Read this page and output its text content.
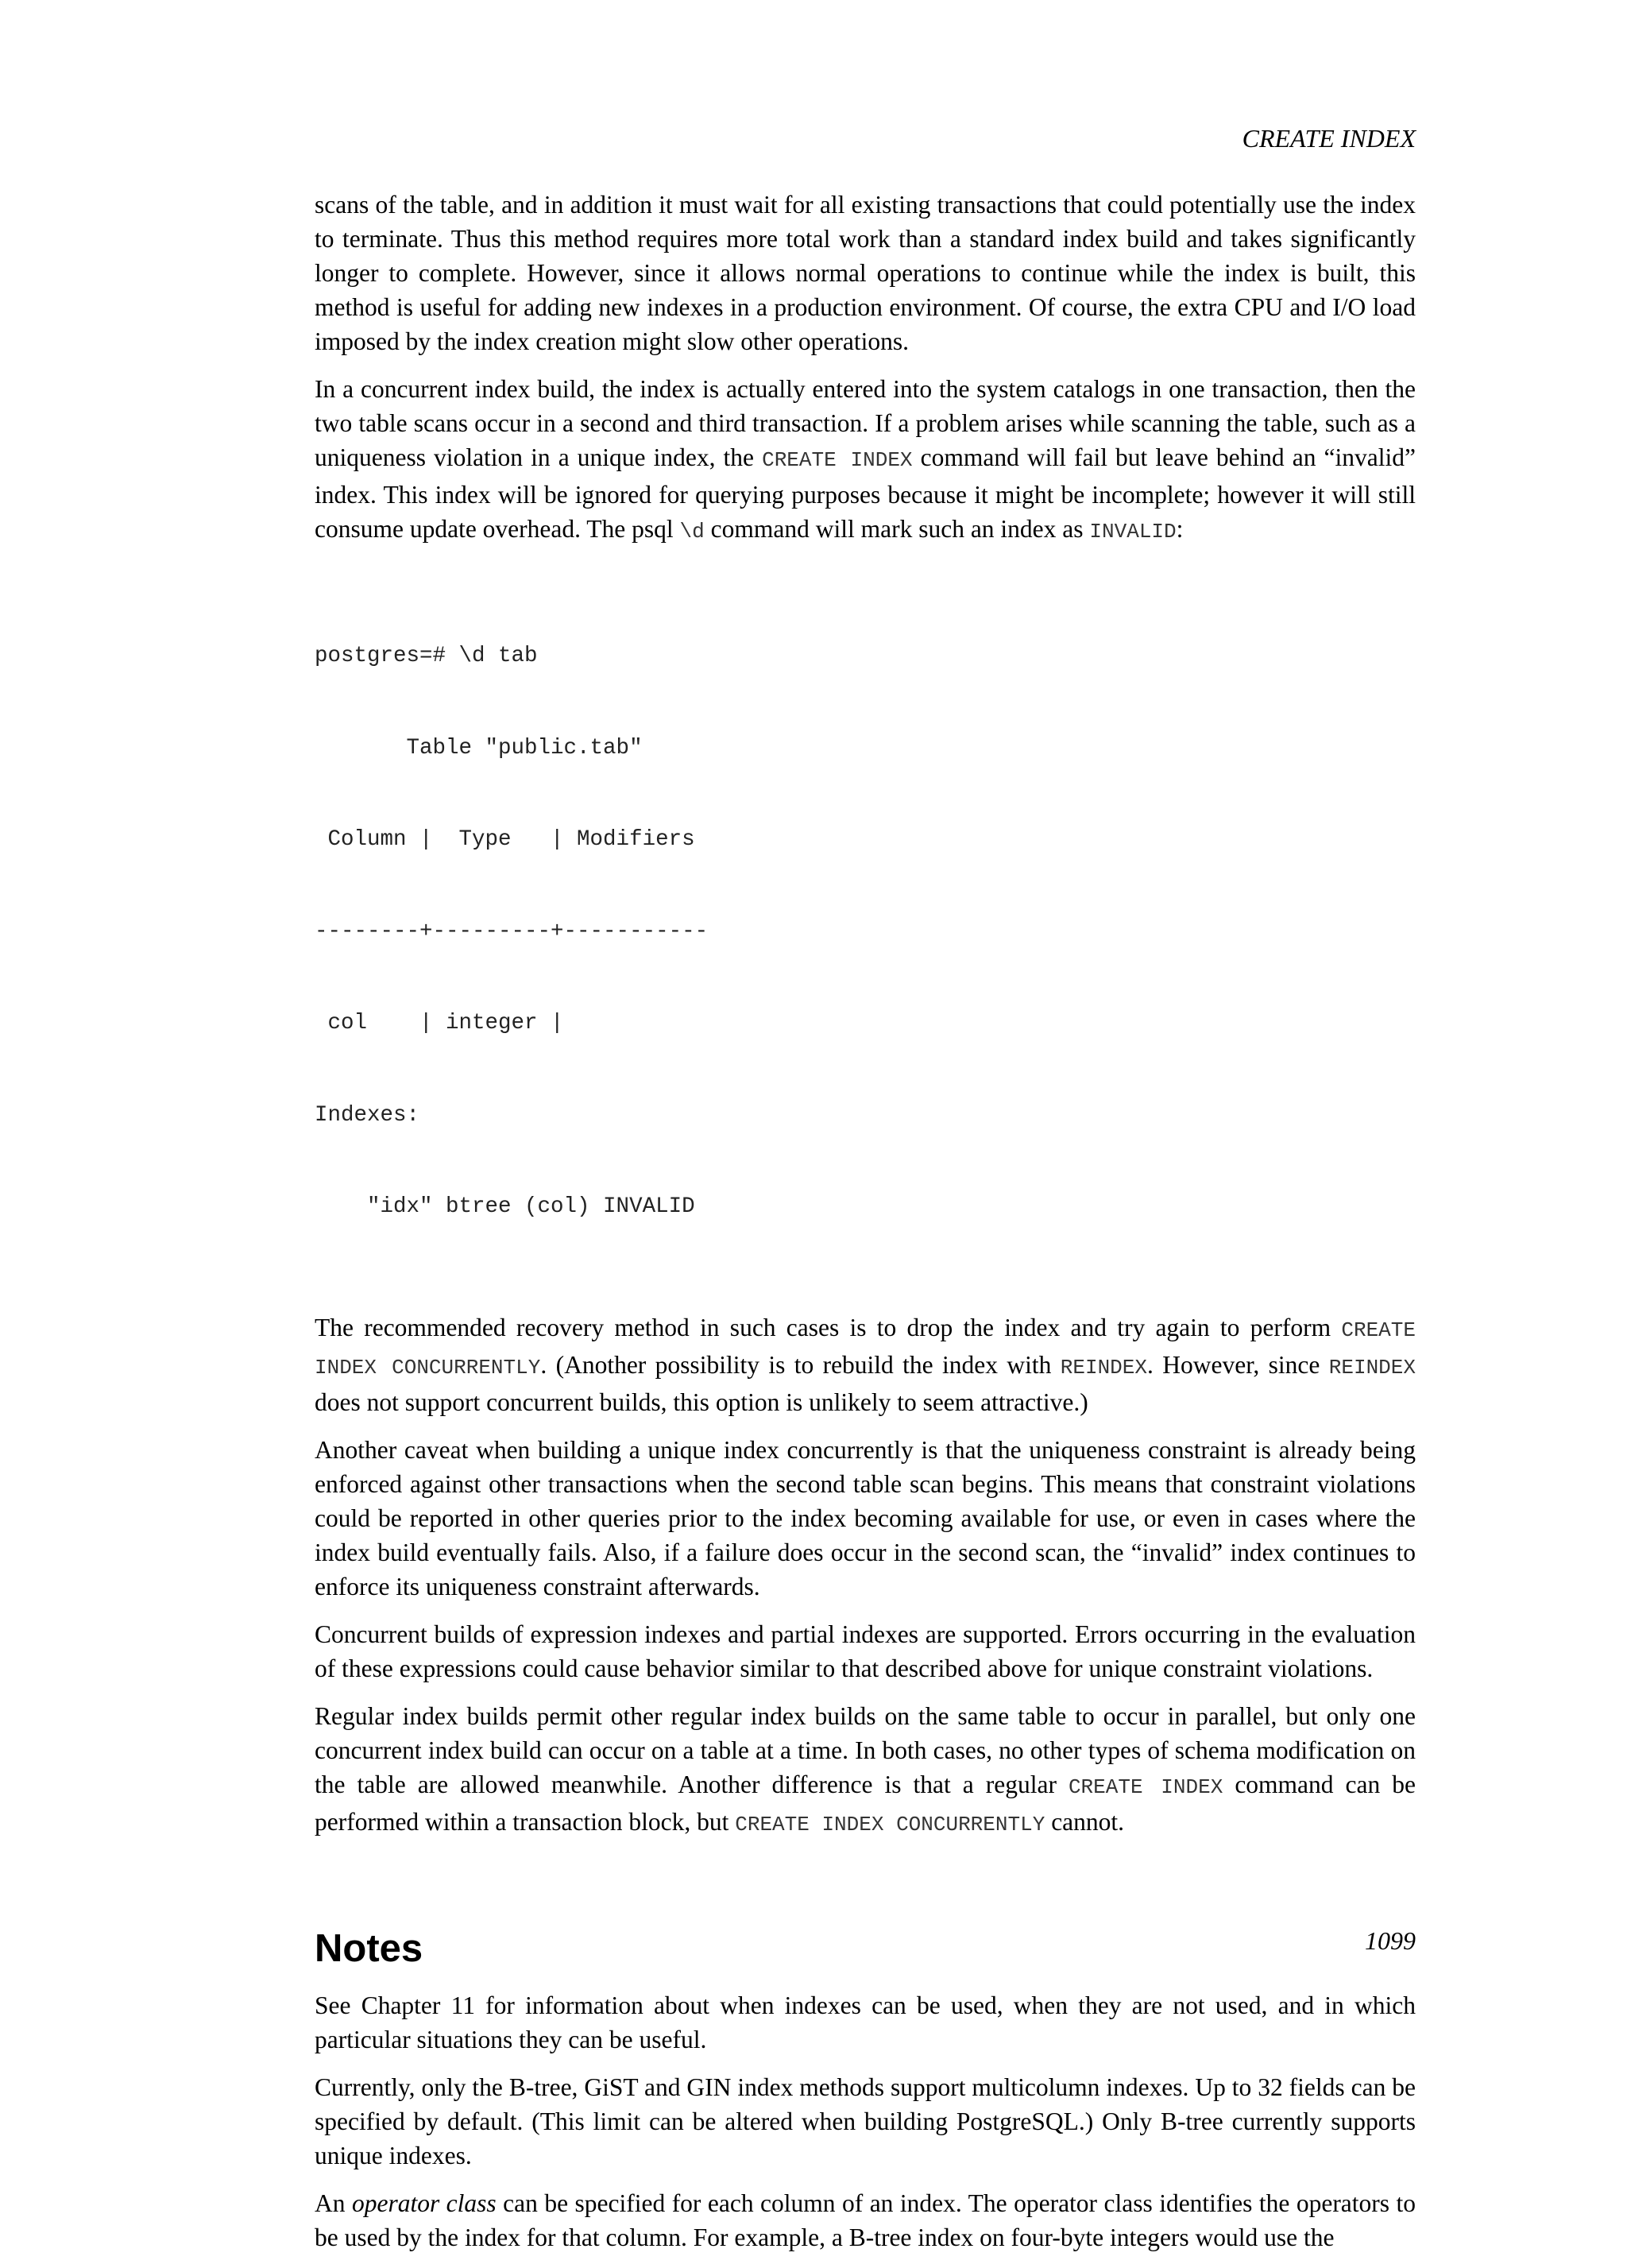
CREATE INDEX

scans of the table, and in addition it must wait for all existing transactions that could potentially use the index to terminate. Thus this method requires more total work than a standard index build and takes significantly longer to complete. However, since it allows normal operations to continue while the index is built, this method is useful for adding new indexes in a production environment. Of course, the extra CPU and I/O load imposed by the index creation might slow other operations.

In a concurrent index build, the index is actually entered into the system catalogs in one transaction, then the two table scans occur in a second and third transaction. If a problem arises while scanning the table, such as a uniqueness violation in a unique index, the CREATE INDEX command will fail but leave behind an “invalid” index. This index will be ignored for querying purposes because it might be incomplete; however it will still consume update overhead. The psql \d command will mark such an index as INVALID:

postgres=# \d tab

Table "public.tab"

Column |  Type   | Modifiers

--------+---------+-----------

col    | integer |

Indexes:

"idx" btree (col) INVALID

The recommended recovery method in such cases is to drop the index and try again to perform CREATE INDEX CONCURRENTLY. (Another possibility is to rebuild the index with REINDEX. However, since REINDEX does not support concurrent builds, this option is unlikely to seem attractive.)

Another caveat when building a unique index concurrently is that the uniqueness constraint is already being enforced against other transactions when the second table scan begins. This means that constraint violations could be reported in other queries prior to the index becoming available for use, or even in cases where the index build eventually fails. Also, if a failure does occur in the second scan, the “invalid” index continues to enforce its uniqueness constraint afterwards.

Concurrent builds of expression indexes and partial indexes are supported. Errors occurring in the evaluation of these expressions could cause behavior similar to that described above for unique constraint violations.

Regular index builds permit other regular index builds on the same table to occur in parallel, but only one concurrent index build can occur on a table at a time. In both cases, no other types of schema modification on the table are allowed meanwhile. Another difference is that a regular CREATE INDEX command can be performed within a transaction block, but CREATE INDEX CONCURRENTLY cannot.

Notes

See Chapter 11 for information about when indexes can be used, when they are not used, and in which particular situations they can be useful.

Currently, only the B-tree, GiST and GIN index methods support multicolumn indexes. Up to 32 fields can be specified by default. (This limit can be altered when building PostgreSQL.) Only B-tree currently supports unique indexes.

An operator class can be specified for each column of an index. The operator class identifies the operators to be used by the index for that column. For example, a B-tree index on four-byte integers would use the

1099
